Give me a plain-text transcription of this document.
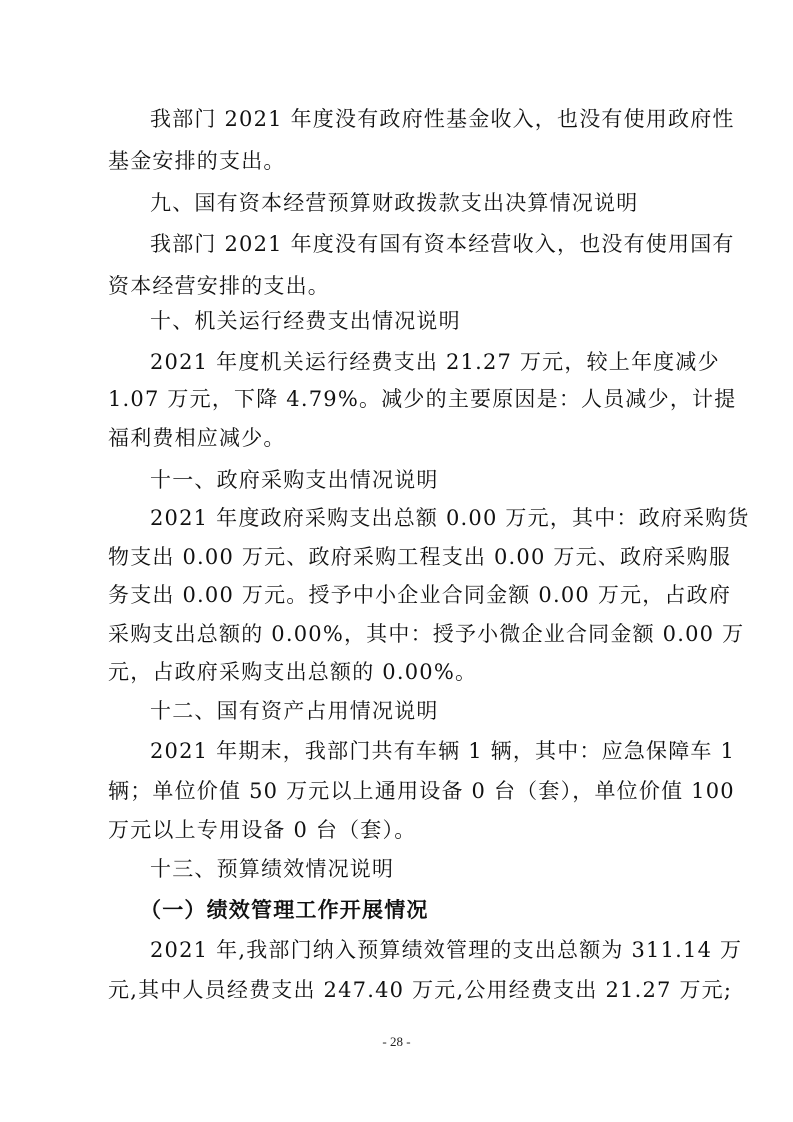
我部门 2021 年度没有政府性基金收入，也没有使用政府性
基金安排的支出。
九、国有资本经营预算财政拨款支出决算情况说明
我部门 2021 年度没有国有资本经营收入，也没有使用国有
资本经营安排的支出。
十、机关运行经费支出情况说明
2021 年度机关运行经费支出 21.27 万元，较上年度减少
1.07 万元，下降 4.79%。减少的主要原因是：人员减少，计提
福利费相应减少。
十一、政府采购支出情况说明
2021 年度政府采购支出总额 0.00 万元，其中：政府采购货
物支出 0.00 万元、政府采购工程支出 0.00 万元、政府采购服
务支出 0.00 万元。授予中小企业合同金额 0.00 万元，占政府
采购支出总额的 0.00%，其中：授予小微企业合同金额 0.00 万
元，占政府采购支出总额的 0.00%。
十二、国有资产占用情况说明
2021 年期末，我部门共有车辆 1 辆，其中：应急保障车 1
辆；单位价值 50 万元以上通用设备 0 台（套），单位价值 100
万元以上专用设备 0 台（套）。
十三、预算绩效情况说明
（一）绩效管理工作开展情况
2021 年,我部门纳入预算绩效管理的支出总额为 311.14 万
元,其中人员经费支出 247.40 万元,公用经费支出 21.27 万元;
- 28 -
